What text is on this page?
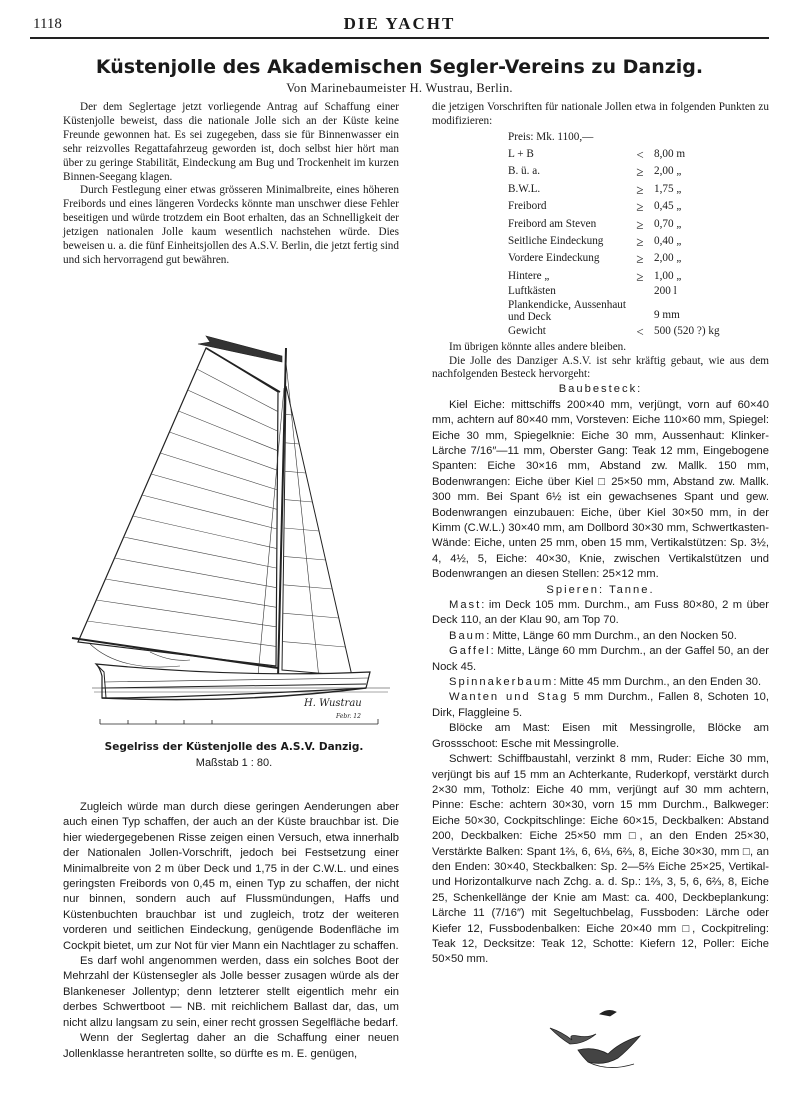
1118	DIE YACHT
Küstenjolle des Akademischen Segler-Vereins zu Danzig.
Von Marinebaumeister H. Wustrau, Berlin.

Der dem Seglertage jetzt vorliegende Antrag auf Schaffung einer Küstenjolle beweist, dass die nationale Jolle sich an der Küste keine Freunde gewonnen hat. Es sei zugegeben, dass sie für Binnenwasser ein sehr reizvolles Regattafahrzeug geworden ist, doch selbst hier hört man über zu geringe Stabilität, Eindeckung am Bug und Trockenheit im kurzen Binnen-Seegang klagen.

Durch Festlegung einer etwas grösseren Minimalbreite, eines höheren Freibords und eines längeren Vordecks könnte man unschwer diese Fehler beseitigen und würde trotzdem ein Boot erhalten, das an Schnelligkeit der jetzigen nationalen Jolle kaum wesentlich nachstehen würde. Dies beweisen u. a. die fünf Einheitsjollen des A.S.V. Berlin, die jetzt fertig sind und sich hervorragend gut bewähren.

H. Wustrau
Febr. 12
Segelriss der Küstenjolle des A.S.V. Danzig.
Maßstab 1 : 80.

Zugleich würde man durch diese geringen Aenderungen aber auch einen Typ schaffen, der auch an der Küste brauchbar ist. Die hier wiedergegebenen Risse zeigen einen Versuch, etwa innerhalb der Nationalen Jollen-Vorschrift, jedoch bei Festsetzung einer Minimalbreite von 2 m über Deck und 1,75 in der C.W.L. und eines geringsten Freibords von 0,45 m, einen Typ zu schaffen, der nicht nur binnen, sondern auch auf Flussmündungen, Haffs und Küstenbuchten brauchbar ist und zugleich, trotz der weiteren vorderen und seitlichen Eindeckung, genügende Bodenfläche im Cockpit bietet, um zur Not für vier Mann ein Nachtlager zu schaffen.

Es darf wohl angenommen werden, dass ein solches Boot der Mehrzahl der Küstensegler als Jolle besser zusagen würde als der Blankeneser Jollentyp; denn letzterer stellt eigentlich mehr ein derbes Schwertboot — NB. mit reichlichem Ballast dar, das, um nicht allzu langsam zu sein, einer recht grossen Segelfläche bedarf.

Wenn der Seglertag daher an die Schaffung einer neuen Jollenklasse herantreten sollte, so dürfte es m. E. genügen,

die jetzigen Vorschriften für nationale Jollen etwa in folgenden Punkten zu modifizieren:

Preis: Mk. 1100,—		
L + B	<	8,00 m
B. ü. a.	≥	2,00 „
B.W.L.	≥	1,75 „
Freibord	≥	0,45 „
Freibord am Steven	≥	0,70 „
Seitliche Eindeckung	≥	0,40 „
Vordere Eindeckung	≥	2,00 „
Hintere „	≥	1,00 „
Luftkästen		200 l
Plankendicke, Aussenhaut und Deck		9 mm
Gewicht	<	500 (520 ?) kg

Im übrigen könnte alles andere bleiben.

Die Jolle des Danziger A.S.V. ist sehr kräftig gebaut, wie aus dem nachfolgenden Besteck hervorgeht:

Baubesteck:

Kiel Eiche: mittschiffs 200×40 mm, verjüngt, vorn auf 60×40 mm, achtern auf 80×40 mm, Vorsteven: Eiche 110×60 mm, Spiegel: Eiche 30 mm, Spiegelknie: Eiche 30 mm, Aussenhaut: Klinker-Lärche 7/16″—11 mm, Oberster Gang: Teak 12 mm, Eingebogene Spanten: Eiche 30×16 mm, Abstand zw. Mallk. 150 mm, Bodenwrangen: Eiche über Kiel □ 25×50 mm, Abstand zw. Mallk. 300 mm. Bei Spant 6½ ist ein gewachsenes Spant und gew. Bodenwrangen einzubauen: Eiche, über Kiel 30×50 mm, in der Kimm (C.W.L.) 30×40 mm, am Dollbord 30×30 mm, Schwertkasten-Wände: Eiche, unten 25 mm, oben 15 mm, Vertikalstützen: Sp. 3½, 4, 4½, 5, Eiche: 40×30, Knie, zwischen Vertikalstützen und Bodenwrangen an diesen Stellen: 25×12 mm.

Spieren: Tanne.

Mast: im Deck 105 mm. Durchm., am Fuss 80×80, 2 m über Deck 110, an der Klau 90, am Top 70.

Baum: Mitte, Länge 60 mm Durchm., an den Nocken 50.

Gaffel: Mitte, Länge 60 mm Durchm., an der Gaffel 50, an der Nock 45.

Spinnakerbaum: Mitte 45 mm Durchm., an den Enden 30.

Wanten und Stag 5 mm Durchm., Fallen 8, Schoten 10, Dirk, Flaggleine 5.

Blöcke am Mast: Eisen mit Messingrolle, Blöcke am Grossschoot: Esche mit Messingrolle.

Schwert: Schiffbaustahl, verzinkt 8 mm, Ruder: Eiche 30 mm, verjüngt bis auf 15 mm an Achterkante, Ruderkopf, verstärkt durch 2×30 mm, Totholz: Eiche 40 mm, verjüngt auf 30 mm achtern, Pinne: Esche: achtern 30×30, vorn 15 mm Durchm., Balkweger: Eiche 50×30, Cockpitschlinge: Eiche 60×15, Deckbalken: Abstand 200, Deckbalken: Eiche 25×50 mm □, an den Enden 25×30, Verstärkte Balken: Spant 1⅔, 6, 6⅓, 6⅔, 8, Eiche 30×30, mm □, an den Enden: 30×40, Steckbalken: Sp. 2—5⅔ Eiche 25×25, Vertikal- und Horizontalkurve nach Zchg. a. d. Sp.: 1⅔, 3, 5, 6, 6⅔, 8, Eiche 25, Schenkellänge der Knie am Mast: ca. 400, Deckbeplankung: Lärche 11 (7/16″) mit Segeltuchbelag, Fussboden: Lärche oder Kiefer 12, Fussbodenbalken: Eiche 20×40 mm □, Cockpitreling: Teak 12, Decksitze: Teak 12, Schotte: Kiefern 12, Poller: Eiche 50×50 mm.
